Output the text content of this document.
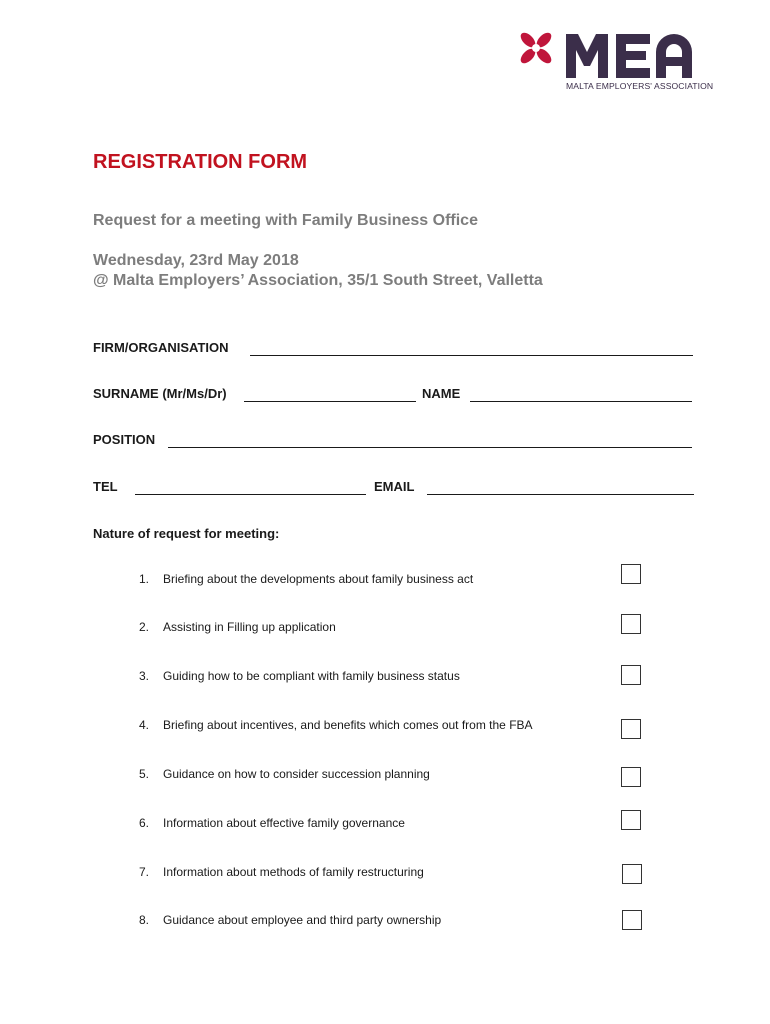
MALTA EMPLOYERS' ASSOCIATION
REGISTRATION FORM
Request for a meeting with Family Business Office
Wednesday, 23rd May 2018
@ Malta Employers’ Association, 35/1 South Street, Valletta
FIRM/ORGANISATION
SURNAME (Mr/Ms/Dr)	NAME
POSITION
TEL	EMAIL
Nature of request for meeting:
1. Briefing about the developments about family business act
2. Assisting in Filling up application
3. Guiding how to be compliant with family business status
4. Briefing about incentives, and benefits which comes out from the FBA
5. Guidance on how to consider succession planning
6. Information about effective family governance
7. Information about methods of family restructuring
8. Guidance about employee and third party ownership
